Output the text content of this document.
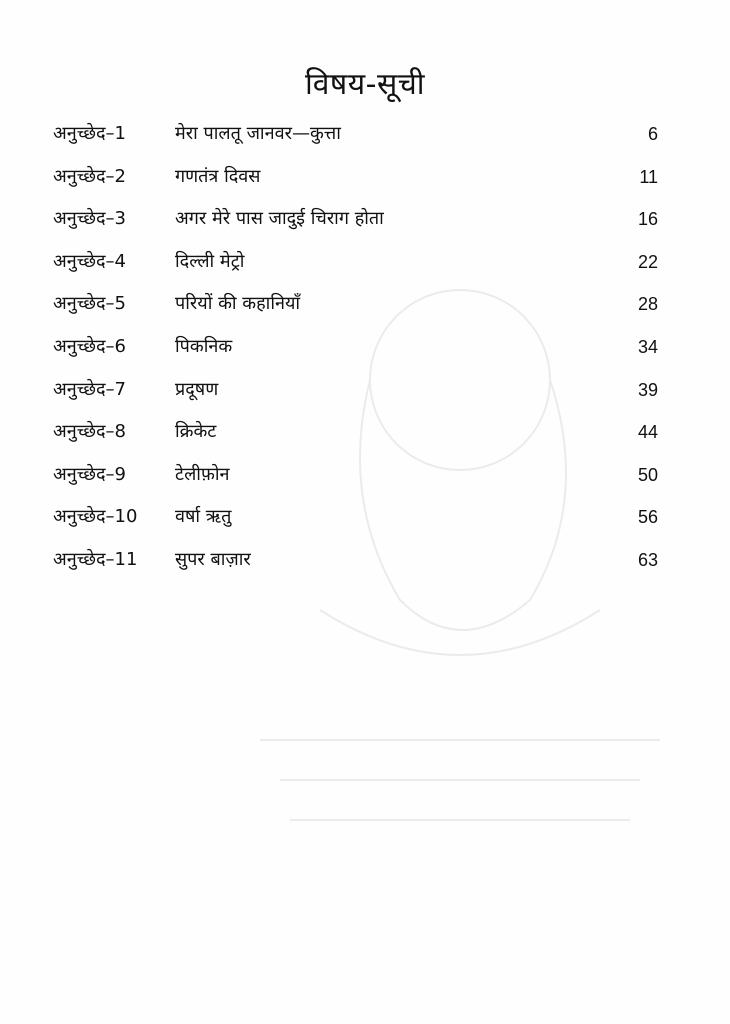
विषय-सूची
अनुच्छेद–1	मेरा पालतू जानवर—कुत्ता	6
अनुच्छेद–2	गणतंत्र दिवस	11
अनुच्छेद–3	अगर मेरे पास जादुई चिराग होता	16
अनुच्छेद–4	दिल्ली मेट्रो	22
अनुच्छेद–5	परियों की कहानियाँ	28
अनुच्छेद–6	पिकनिक	34
अनुच्छेद–7	प्रदूषण	39
अनुच्छेद–8	क्रिकेट	44
अनुच्छेद–9	टेलीफ़ोन	50
अनुच्छेद–10 वर्षा ऋतु	56
अनुच्छेद–11 सुपर बाज़ार	63
